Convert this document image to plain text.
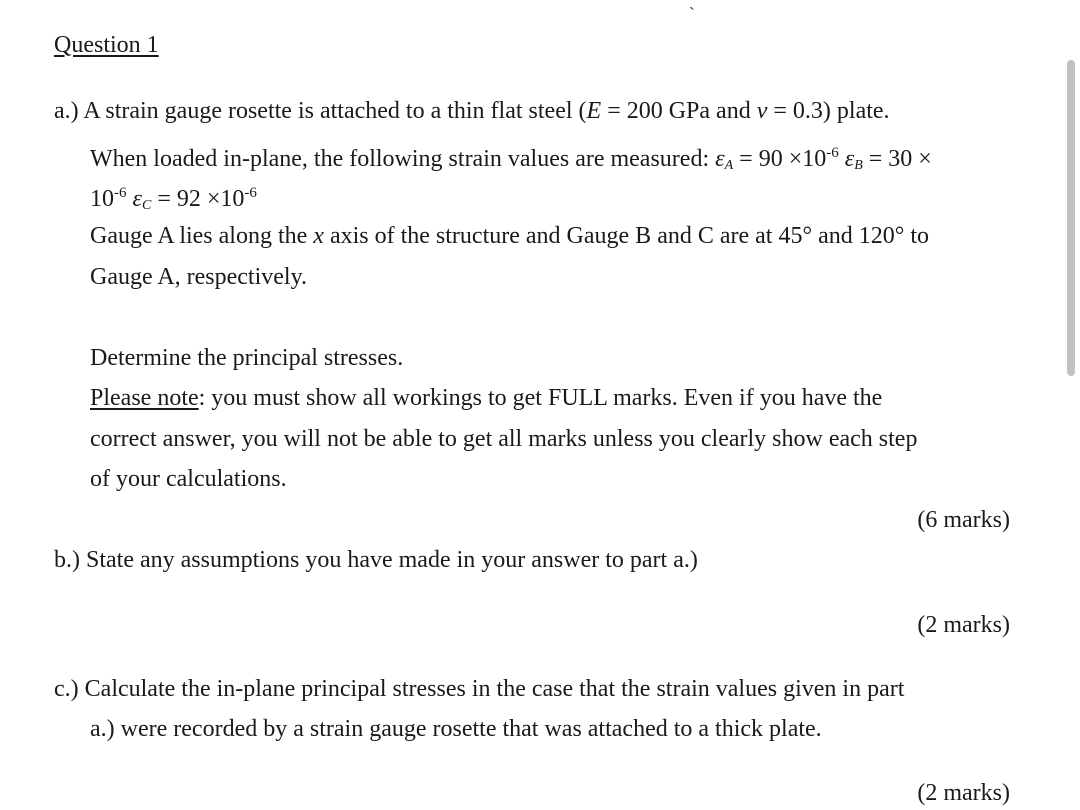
`
Question 1
a.) A strain gauge rosette is attached to a thin flat steel (E = 200 GPa and v = 0.3) plate.
When loaded in-plane, the following strain values are measured: $\varepsilon_A = 90 \times 10^{-6}$ $\varepsilon_B = 30$ ×
$10^{-6}$ $\varepsilon_C = 92 \times 10^{-6}$
Gauge A lies along the x axis of the structure and Gauge B and C are at 45° and 120° to
Gauge A, respectively.
Determine the principal stresses.
Please note: you must show all workings to get FULL marks. Even if you have the
correct answer, you will not be able to get all marks unless you clearly show each step
of your calculations.
(6 marks)
b.) State any assumptions you have made in your answer to part a.)
(2 marks)
c.) Calculate the in-plane principal stresses in the case that the strain values given in part
a.) were recorded by a strain gauge rosette that was attached to a thick plate.
(2 marks)
